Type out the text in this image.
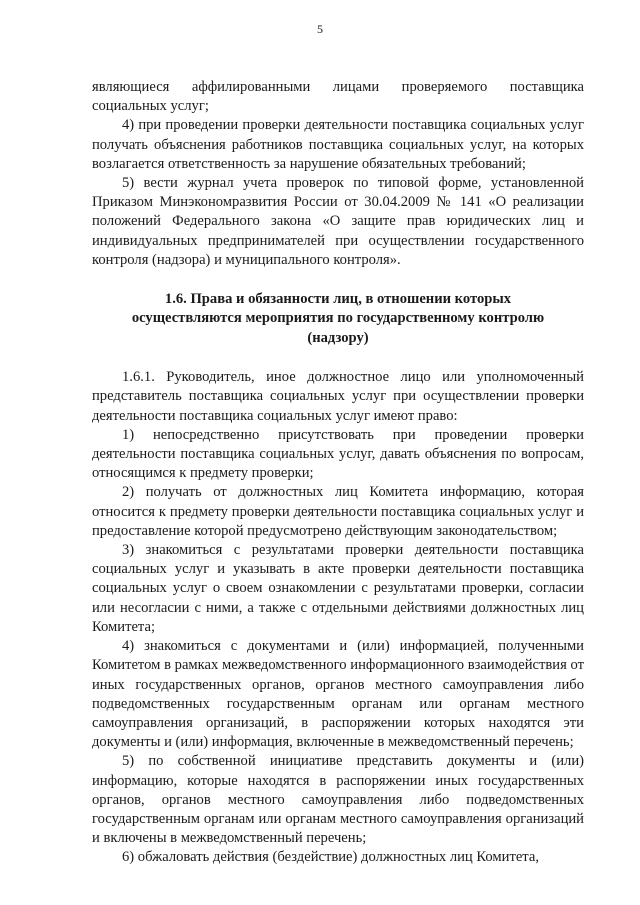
5

являющиеся аффилированными лицами проверяемого поставщика социальных услуг;

4) при проведении проверки деятельности поставщика социальных услуг получать объяснения работников поставщика социальных услуг, на которых возлагается ответственность за нарушение обязательных требований;

5) вести журнал учета проверок по типовой форме, установленной Приказом Минэкономразвития России от 30.04.2009 № 141 «О реализации положений Федерального закона «О защите прав юридических лиц и индивидуальных предпринимателей при осуществлении государственного контроля (надзора) и муниципального контроля».

1.6. Права и обязанности лиц, в отношении которых осуществляются мероприятия по государственному контролю (надзору)

1.6.1. Руководитель, иное должностное лицо или уполномоченный представитель поставщика социальных услуг при осуществлении проверки деятельности поставщика социальных услуг имеют право:

1) непосредственно присутствовать при проведении проверки деятельности поставщика социальных услуг, давать объяснения по вопросам, относящимся к предмету проверки;

2) получать от должностных лиц Комитета информацию, которая относится к предмету проверки деятельности поставщика социальных услуг и предоставление которой предусмотрено действующим законодательством;

3) знакомиться с результатами проверки деятельности поставщика социальных услуг и указывать в акте проверки деятельности поставщика социальных услуг о своем ознакомлении с результатами проверки, согласии или несогласии с ними, а также с отдельными действиями должностных лиц Комитета;

4) знакомиться с документами и (или) информацией, полученными Комитетом в рамках межведомственного информационного взаимодействия от иных государственных органов, органов местного самоуправления либо подведомственных государственным органам или органам местного самоуправления организаций, в распоряжении которых находятся эти документы и (или) информация, включенные в межведомственный перечень;

5) по собственной инициативе представить документы и (или) информацию, которые находятся в распоряжении иных государственных органов, органов местного самоуправления либо подведомственных государственным органам или органам местного самоуправления организаций и включены в межведомственный перечень;

6) обжаловать действия (бездействие) должностных лиц Комитета,
